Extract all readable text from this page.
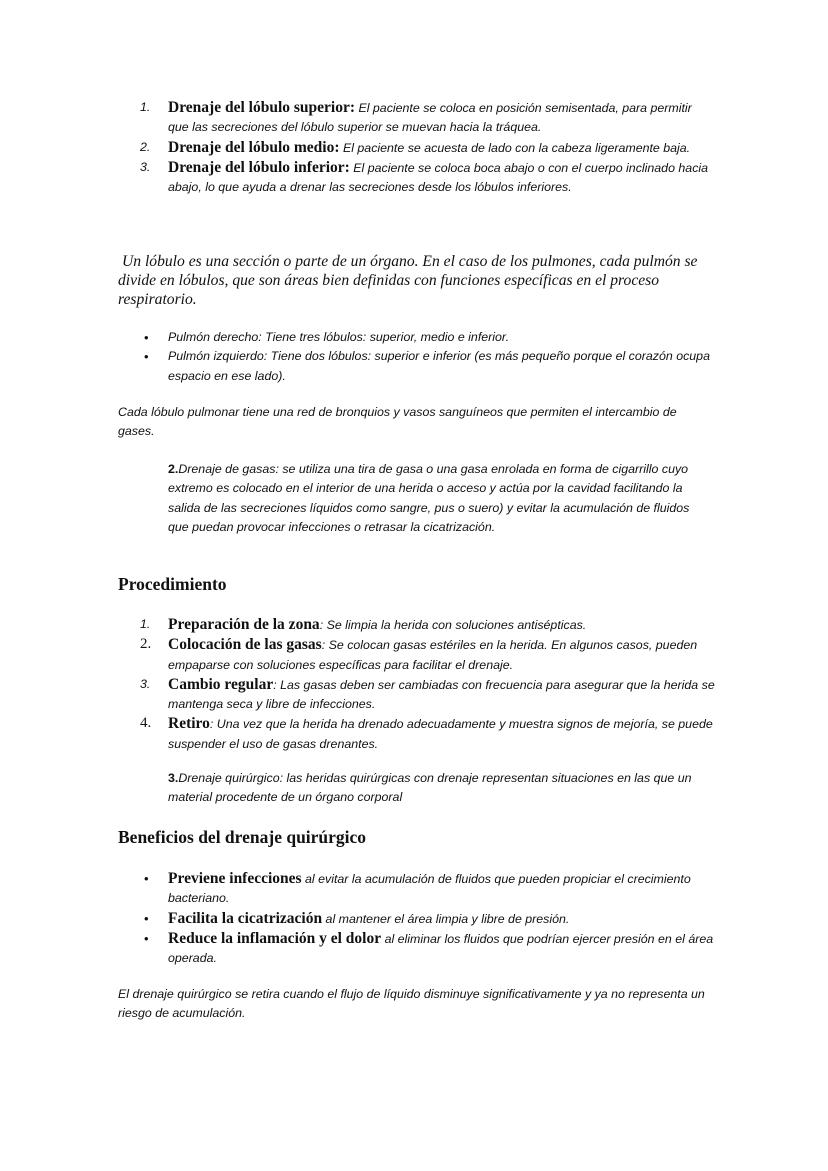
1. Drenaje del lóbulo superior: El paciente se coloca en posición semisentada, para permitir que las secreciones del lóbulo superior se muevan hacia la tráquea.
2. Drenaje del lóbulo medio: El paciente se acuesta de lado con la cabeza ligeramente baja.
3. Drenaje del lóbulo inferior: El paciente se coloca boca abajo o con el cuerpo inclinado hacia abajo, lo que ayuda a drenar las secreciones desde los lóbulos inferiores.
Un lóbulo es una sección o parte de un órgano. En el caso de los pulmones, cada pulmón se divide en lóbulos, que son áreas bien definidas con funciones específicas en el proceso respiratorio.
• Pulmón derecho: Tiene tres lóbulos: superior, medio e inferior.
• Pulmón izquierdo: Tiene dos lóbulos: superior e inferior (es más pequeño porque el corazón ocupa espacio en ese lado).
Cada lóbulo pulmonar tiene una red de bronquios y vasos sanguíneos que permiten el intercambio de gases.
2.Drenaje de gasas: se utiliza una tira de gasa o una gasa enrolada en forma de cigarrillo cuyo extremo es colocado en el interior de una herida o acceso y actúa por la cavidad facilitando la salida de las secreciones líquidos como sangre, pus o suero) y evitar la acumulación de fluidos que puedan provocar infecciones o retrasar la cicatrización.
Procedimiento
1. Preparación de la zona: Se limpia la herida con soluciones antisépticas.
2. Colocación de las gasas: Se colocan gasas estériles en la herida. En algunos casos, pueden empaparse con soluciones específicas para facilitar el drenaje.
3. Cambio regular: Las gasas deben ser cambiadas con frecuencia para asegurar que la herida se mantenga seca y libre de infecciones.
4. Retiro: Una vez que la herida ha drenado adecuadamente y muestra signos de mejoría, se puede suspender el uso de gasas drenantes.
3.Drenaje quirúrgico: las heridas quirúrgicas con drenaje representan situaciones en las que un material procedente de un órgano corporal
Beneficios del drenaje quirúrgico
• Previene infecciones al evitar la acumulación de fluidos que pueden propiciar el crecimiento bacteriano.
• Facilita la cicatrización al mantener el área limpia y libre de presión.
• Reduce la inflamación y el dolor al eliminar los fluidos que podrían ejercer presión en el área operada.
El drenaje quirúrgico se retira cuando el flujo de líquido disminuye significativamente y ya no representa un riesgo de acumulación.
